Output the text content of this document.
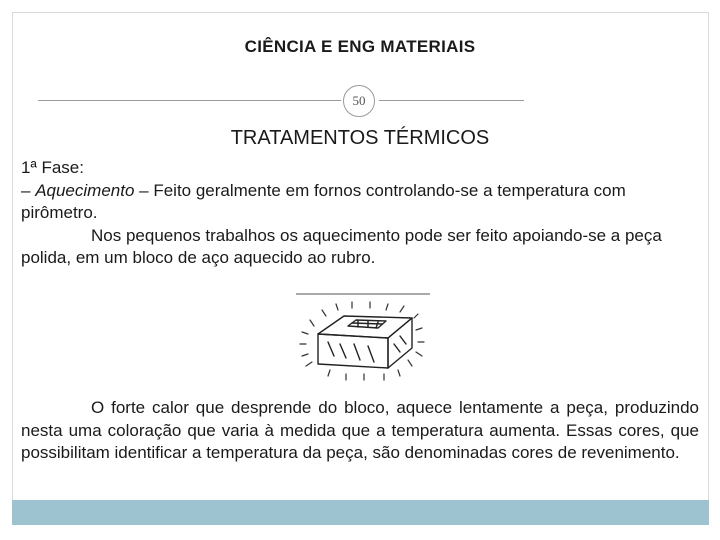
CIÊNCIA E ENG MATERIAIS
50
TRATAMENTOS TÉRMICOS

1ª Fase:

– Aquecimento – Feito geralmente em fornos controlando-se a temperatura com pirômetro.

Nos pequenos trabalhos os aquecimento pode ser feito apoiando-se a peça polida, em um bloco de aço aquecido ao rubro.

O forte calor que desprende do bloco, aquece lentamente a peça, produzindo nesta uma coloração que varia à medida que a temperatura aumenta. Essas cores, que possibilitam identificar a temperatura da peça, são denominadas cores de revenimento.
